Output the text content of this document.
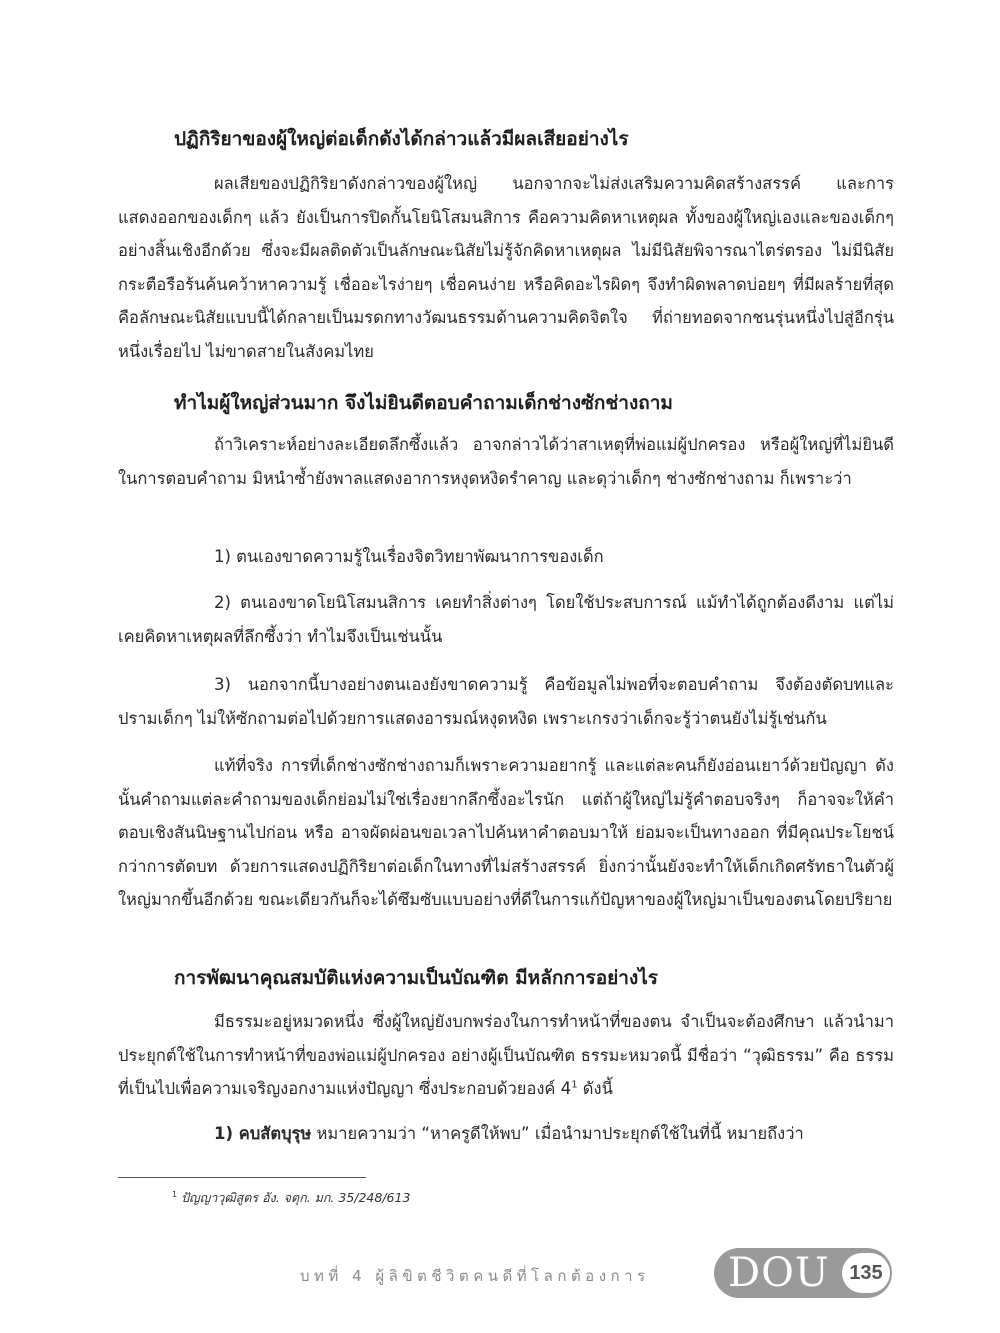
ปฏิกิริยาของผู้ใหญ่ต่อเด็กดังได้กล่าวแล้วมีผลเสียอย่างไร

ผลเสียของปฏิกิริยาดังกล่าวของผู้ใหญ่ นอกจากจะไม่ส่งเสริมความคิดสร้างสรรค์ และการแสดงออกของเด็กๆ แล้ว ยังเป็นการปิดกั้นโยนิโสมนสิการ คือความคิดหาเหตุผล ทั้งของผู้ใหญ่เองและของเด็กๆ อย่างสิ้นเชิงอีกด้วย ซึ่งจะมีผลติดตัวเป็นลักษณะนิสัยไม่รู้จักคิดหาเหตุผล ไม่มีนิสัยพิจารณาไตร่ตรอง ไม่มีนิสัยกระตือรือร้นค้นคว้าหาความรู้ เชื่ออะไรง่ายๆ เชื่อคนง่าย หรือคิดอะไรผิดๆ จึงทำผิดพลาดบ่อยๆ ที่มีผลร้ายที่สุด คือลักษณะนิสัยแบบนี้ได้กลายเป็นมรดกทางวัฒนธรรมด้านความคิดจิตใจ ที่ถ่ายทอดจากชนรุ่นหนึ่งไปสู่อีกรุ่นหนึ่งเรื่อยไป ไม่ขาดสายในสังคมไทย

ทำไมผู้ใหญ่ส่วนมาก จึงไม่ยินดีตอบคำถามเด็กช่างซักช่างถาม

ถ้าวิเคราะห์อย่างละเอียดลึกซึ้งแล้ว อาจกล่าวได้ว่าสาเหตุที่พ่อแม่ผู้ปกครอง หรือผู้ใหญ่ที่ไม่ยินดีในการตอบคำถาม มิหนำซ้ำยังพาลแสดงอาการหงุดหงิดรำคาญ และดุว่าเด็กๆ ช่างซักช่างถาม ก็เพราะว่า

1) ตนเองขาดความรู้ในเรื่องจิตวิทยาพัฒนาการของเด็ก

2) ตนเองขาดโยนิโสมนสิการ เคยทำสิ่งต่างๆ โดยใช้ประสบการณ์ แม้ทำได้ถูกต้องดีงาม แต่ไม่เคยคิดหาเหตุผลที่ลึกซึ้งว่า ทำไมจึงเป็นเช่นนั้น

3) นอกจากนี้บางอย่างตนเองยังขาดความรู้ คือข้อมูลไม่พอที่จะตอบคำถาม จึงต้องตัดบทและปรามเด็กๆ ไม่ให้ซักถามต่อไปด้วยการแสดงอารมณ์หงุดหงิด เพราะเกรงว่าเด็กจะรู้ว่าตนยังไม่รู้เช่นกัน

แท้ที่จริง การที่เด็กช่างซักช่างถามก็เพราะความอยากรู้ และแต่ละคนก็ยังอ่อนเยาว์ด้วยปัญญา ดังนั้นคำถามแต่ละคำถามของเด็กย่อมไม่ใช่เรื่องยากลึกซึ้งอะไรนัก แต่ถ้าผู้ใหญ่ไม่รู้คำตอบจริงๆ ก็อาจจะให้คำตอบเชิงสันนิษฐานไปก่อน หรือ อาจผัดผ่อนขอเวลาไปค้นหาคำตอบมาให้ ย่อมจะเป็นทางออก ที่มีคุณประโยชน์กว่าการตัดบท ด้วยการแสดงปฏิกิริยาต่อเด็กในทางที่ไม่สร้างสรรค์ ยิ่งกว่านั้นยังจะทำให้เด็กเกิดศรัทธาในตัวผู้ใหญ่มากขึ้นอีกด้วย ขณะเดียวกันก็จะได้ซึมซับแบบอย่างที่ดีในการแก้ปัญหาของผู้ใหญ่มาเป็นของตนโดยปริยาย

การพัฒนาคุณสมบัติแห่งความเป็นบัณฑิต มีหลักการอย่างไร

มีธรรมะอยู่หมวดหนึ่ง ซึ่งผู้ใหญ่ยังบกพร่องในการทำหน้าที่ของตน จำเป็นจะต้องศึกษา แล้วนำมาประยุกต์ใช้ในการทำหน้าที่ของพ่อแม่ผู้ปกครอง อย่างผู้เป็นบัณฑิต ธรรมะหมวดนี้ มีชื่อว่า “วุฒิธรรม” คือ ธรรมที่เป็นไปเพื่อความเจริญงอกงามแห่งปัญญา ซึ่งประกอบด้วยองค์ $4^1$ ดังนี้

1) คบสัตบุรุษ หมายความว่า “หาครูดีให้พบ” เมื่อนำมาประยุกต์ใช้ในที่นี้ หมายถึงว่า

$^1$ ปัญญาวุฒิสูตร อัง. จตุก. มก. 35/248/613

บทที่ 4 ผู้ลิขิตชีวิตคนดีที่โลกต้องการ DOU 135
